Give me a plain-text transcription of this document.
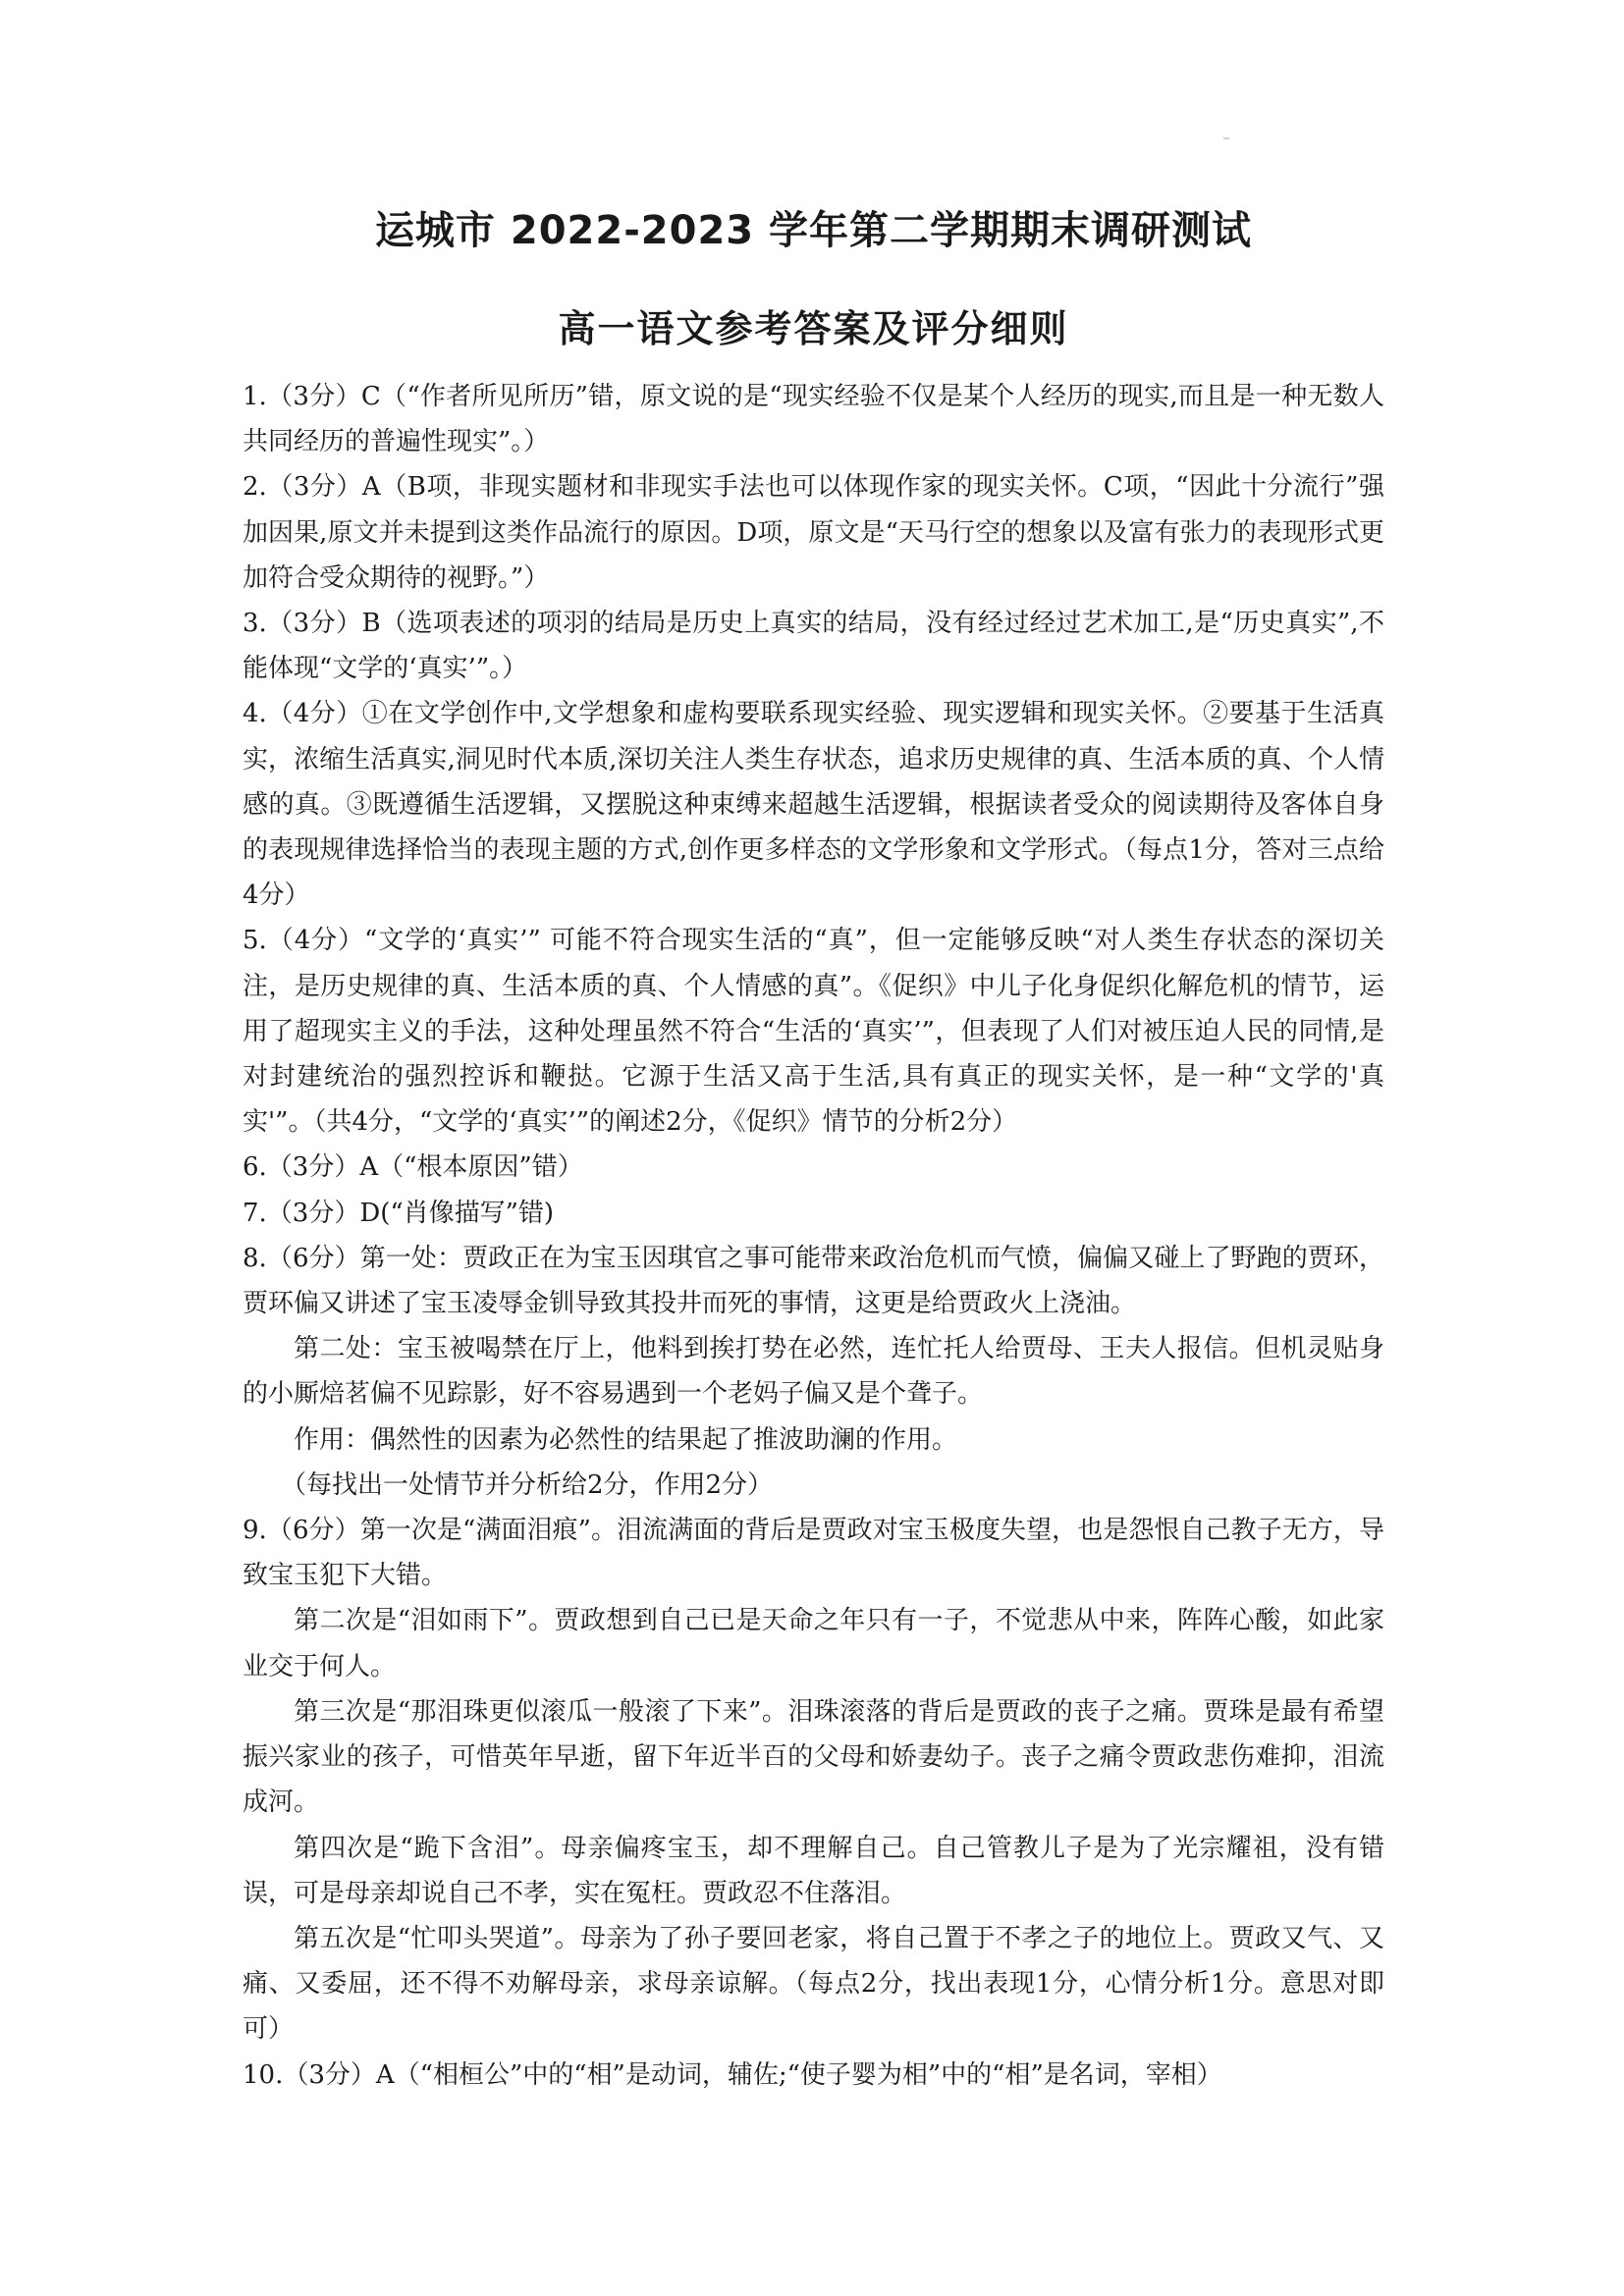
运城市 2022-2023 学年第二学期期末调研测试
高一语文参考答案及评分细则

1.（3分）C（“作者所见所历”错，原文说的是“现实经验不仅是某个人经历的现实,而且是一种无数人共同经历的普遍性现实”。）

2.（3分）A（B项，非现实题材和非现实手法也可以体现作家的现实关怀。C项，“因此十分流行”强加因果,原文并未提到这类作品流行的原因。D项，原文是“天马行空的想象以及富有张力的表现形式更加符合受众期待的视野。”）

3.（3分）B（选项表述的项羽的结局是历史上真实的结局，没有经过经过艺术加工,是“历史真实”,不能体现“文学的‘真实’”。）

4.（4分）①在文学创作中,文学想象和虚构要联系现实经验、现实逻辑和现实关怀。②要基于生活真实，浓缩生活真实,洞见时代本质,深切关注人类生存状态，追求历史规律的真、生活本质的真、个人情感的真。③既遵循生活逻辑，又摆脱这种束缚来超越生活逻辑，根据读者受众的阅读期待及客体自身的表现规律选择恰当的表现主题的方式,创作更多样态的文学形象和文学形式。（每点1分，答对三点给4分）

5.（4分）“文学的‘真实’” 可能不符合现实生活的“真”，但一定能够反映“对人类生存状态的深切关注，是历史规律的真、生活本质的真、个人情感的真”。《促织》中儿子化身促织化解危机的情节，运用了超现实主义的手法，这种处理虽然不符合“生活的‘真实’”，但表现了人们对被压迫人民的同情,是对封建统治的强烈控诉和鞭挞。它源于生活又高于生活,具有真正的现实关怀，是一种“文学的'真实'”。（共4分，“文学的‘真实’”的阐述2分，《促织》情节的分析2分）

6.（3分）A（“根本原因”错）

7.（3分）D(“肖像描写”错)

8.（6分）第一处：贾政正在为宝玉因琪官之事可能带来政治危机而气愤，偏偏又碰上了野跑的贾环，贾环偏又讲述了宝玉凌辱金钏导致其投井而死的事情，这更是给贾政火上浇油。

第二处：宝玉被喝禁在厅上，他料到挨打势在必然，连忙托人给贾母、王夫人报信。但机灵贴身的小厮焙茗偏不见踪影，好不容易遇到一个老妈子偏又是个聋子。

作用：偶然性的因素为必然性的结果起了推波助澜的作用。

（每找出一处情节并分析给2分，作用2分）

9.（6分）第一次是“满面泪痕”。泪流满面的背后是贾政对宝玉极度失望，也是怨恨自己教子无方，导致宝玉犯下大错。

第二次是“泪如雨下”。贾政想到自己已是天命之年只有一子，不觉悲从中来，阵阵心酸，如此家业交于何人。

第三次是“那泪珠更似滚瓜一般滚了下来”。泪珠滚落的背后是贾政的丧子之痛。贾珠是最有希望振兴家业的孩子，可惜英年早逝，留下年近半百的父母和娇妻幼子。丧子之痛令贾政悲伤难抑，泪流成河。

第四次是“跪下含泪”。母亲偏疼宝玉，却不理解自己。自己管教儿子是为了光宗耀祖，没有错误，可是母亲却说自己不孝，实在冤枉。贾政忍不住落泪。

第五次是“忙叩头哭道”。母亲为了孙子要回老家，将自己置于不孝之子的地位上。贾政又气、又痛、又委屈，还不得不劝解母亲，求母亲谅解。（每点2分，找出表现1分，心情分析1分。意思对即可）

10.（3分）A（“相桓公”中的“相”是动词，辅佐;“使子婴为相”中的“相”是名词，宰相）
